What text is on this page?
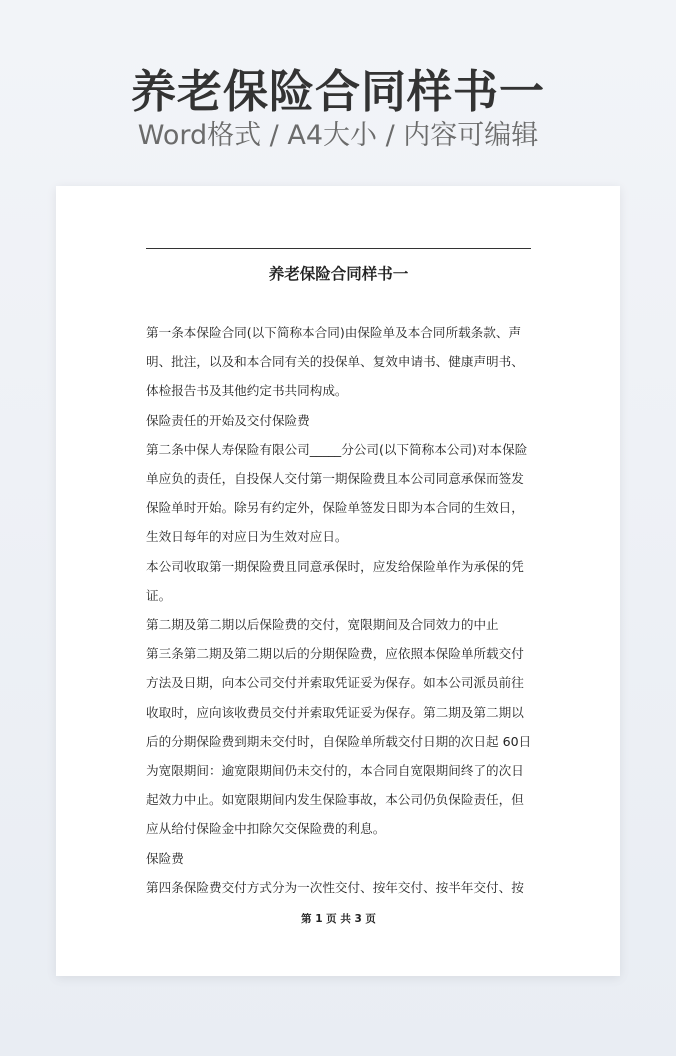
养老保险合同样书一
Word格式 / A4大小 / 内容可编辑
养老保险合同样书一

第一条本保险合同(以下简称本合同)由保险单及本合同所载条款、声明、批注，以及和本合同有关的投保单、复效申请书、健康声明书、体检报告书及其他约定书共同构成。

保险责任的开始及交付保险费

第二条中保人寿保险有限公司_____分公司(以下简称本公司)对本保险单应负的责任，自投保人交付第一期保险费且本公司同意承保而签发保险单时开始。除另有约定外，保险单签发日即为本合同的生效日，生效日每年的对应日为生效对应日。

本公司收取第一期保险费且同意承保时，应发给保险单作为承保的凭证。

第二期及第二期以后保险费的交付，宽限期间及合同效力的中止

第三条第二期及第二期以后的分期保险费，应依照本保险单所载交付方法及日期，向本公司交付并索取凭证妥为保存。如本公司派员前往收取时，应向该收费员交付并索取凭证妥为保存。第二期及第二期以后的分期保险费到期未交付时，自保险单所载交付日期的次日起 60日为宽限期间：逾宽限期间仍未交付的，本合同自宽限期间终了的次日起效力中止。如宽限期间内发生保险事故，本公司仍负保险责任，但应从给付保险金中扣除欠交保险费的利息。

保险费

第四条保险费交付方式分为一次性交付、按年交付、按半年交付、按

第 1 页 共 3 页
